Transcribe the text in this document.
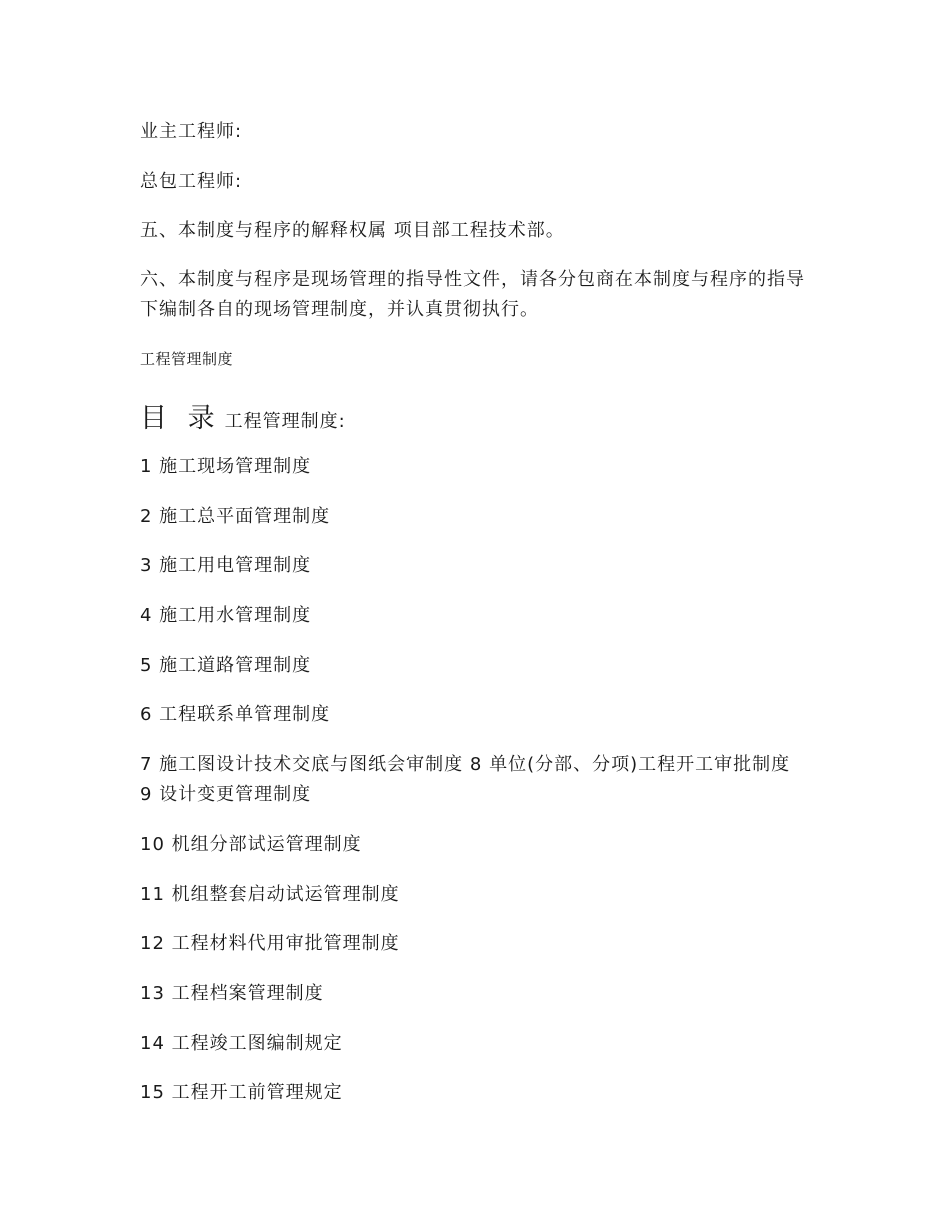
业主工程师:
总包工程师:
五、本制度与程序的解释权属 项目部工程技术部。
六、本制度与程序是现场管理的指导性文件，请各分包商在本制度与程序的指导下编制各自的现场管理制度，并认真贯彻执行。
工程管理制度
目 录 工程管理制度:
1 施工现场管理制度
2 施工总平面管理制度
3 施工用电管理制度
4 施工用水管理制度
5 施工道路管理制度
6 工程联系单管理制度
7 施工图设计技术交底与图纸会审制度 8 单位(分部、分项)工程开工审批制度 9 设计变更管理制度
10 机组分部试运管理制度
11 机组整套启动试运管理制度
12 工程材料代用审批管理制度
13 工程档案管理制度
14 工程竣工图编制规定
15 工程开工前管理规定
